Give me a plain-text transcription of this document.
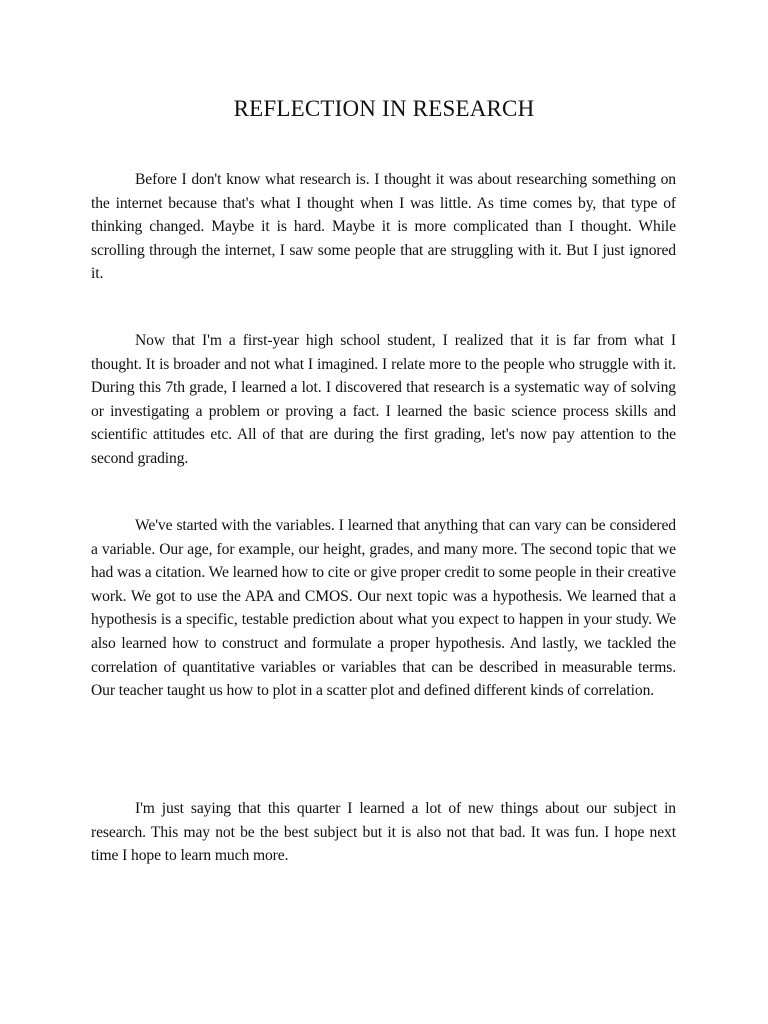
REFLECTION IN RESEARCH

Before I don't know what research is. I thought it was about researching something on the internet because that's what I thought when I was little. As time comes by, that type of thinking changed. Maybe it is hard. Maybe it is more complicated than I thought. While scrolling through the internet, I saw some people that are struggling with it. But I just ignored it.

Now that I'm a first-year high school student, I realized that it is far from what I thought. It is broader and not what I imagined. I relate more to the people who struggle with it. During this 7th grade, I learned a lot. I discovered that research is a systematic way of solving or investigating a problem or proving a fact. I learned the basic science process skills and scientific attitudes etc. All of that are during the first grading, let's now pay attention to the second grading.

We've started with the variables. I learned that anything that can vary can be considered a variable. Our age, for example, our height, grades, and many more. The second topic that we had was a citation. We learned how to cite or give proper credit to some people in their creative work. We got to use the APA and CMOS. Our next topic was a hypothesis. We learned that a hypothesis is a specific, testable prediction about what you expect to happen in your study. We also learned how to construct and formulate a proper hypothesis. And lastly, we tackled the correlation of quantitative variables or variables that can be described in measurable terms. Our teacher taught us how to plot in a scatter plot and defined different kinds of correlation.

I'm just saying that this quarter I learned a lot of new things about our subject in research. This may not be the best subject but it is also not that bad. It was fun. I hope next time I hope to learn much more.
